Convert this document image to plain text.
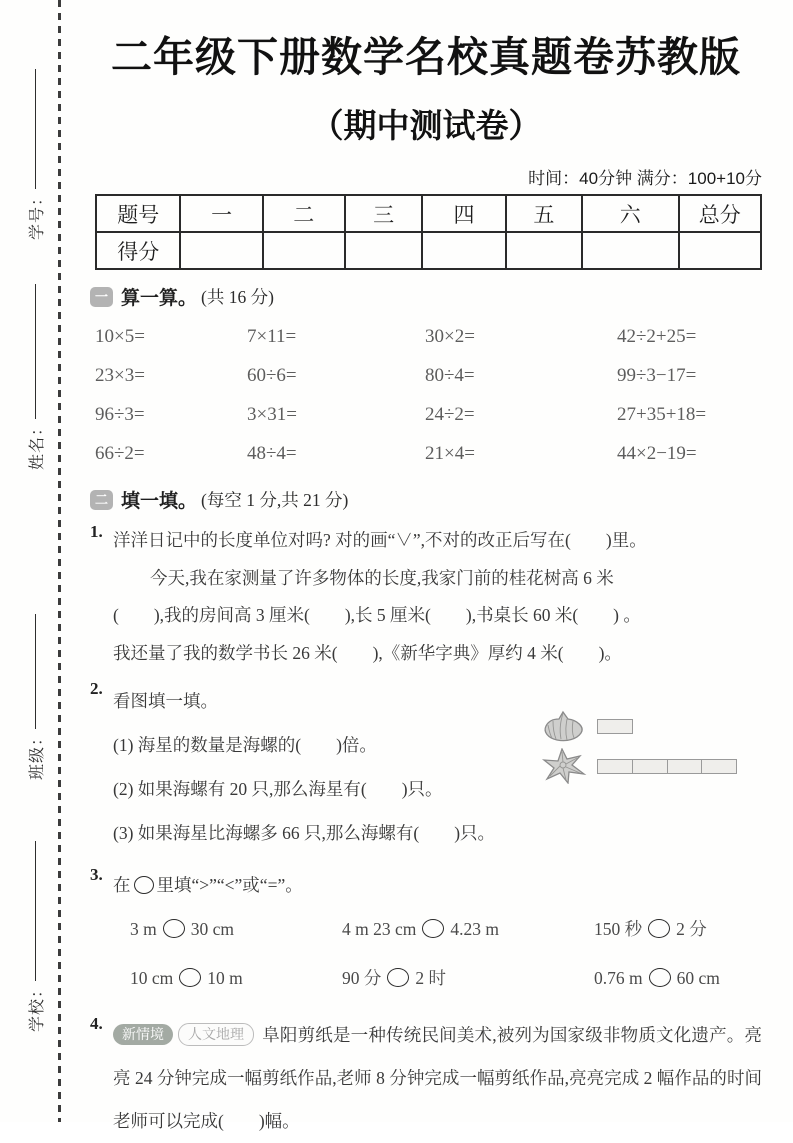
学号：
姓名：
班级：
学校：
二年级下册数学名校真题卷苏教版
（期中测试卷）
时间：40分钟 满分：100+10分
题号	一	二	三	四	五	六	总分
得分							
一 算一算。 (共 16 分)
10×5=	7×11=	30×2=	42÷2+25=
23×3=	60÷6=	80÷4=	99÷3−17=
96÷3=	3×31=	24÷2=	27+35+18=
66÷2=	48÷4=	21×4=	44×2−19=
二 填一填。 (每空 1 分,共 21 分)
1. 洋洋日记中的长度单位对吗? 对的画“∨”,不对的改正后写在(　　)里。
今天,我在家测量了许多物体的长度,我家门前的桂花树高 6 米
(　　),我的房间高 3 厘米(　　),长 5 厘米(　　),书桌长 60 米(　　) 。
我还量了我的数学书长 26 米(　　),《新华字典》厚约 4 米(　　)。
2.
看图填一填。
(1) 海星的数量是海螺的(　　)倍。
(2) 如果海螺有 20 只,那么海星有(　　)只。
(3) 如果海星比海螺多 66 只,那么海螺有(　　)只。
3.
在 里填“>”“<”或“=”。
3 m 30 cm	4 m 23 cm 4.23 m	150 秒 2 分
10 cm 10 m	90 分 2 时	0.76 m 60 cm
4.
新情境 人文地理 阜阳剪纸是一种传统民间美术,被列为国家级非物质文化遗产。亮亮 24 分钟完成一幅剪纸作品,老师 8 分钟完成一幅剪纸作品,亮亮完成 2 幅作品的时间老师可以完成(　　)幅。
